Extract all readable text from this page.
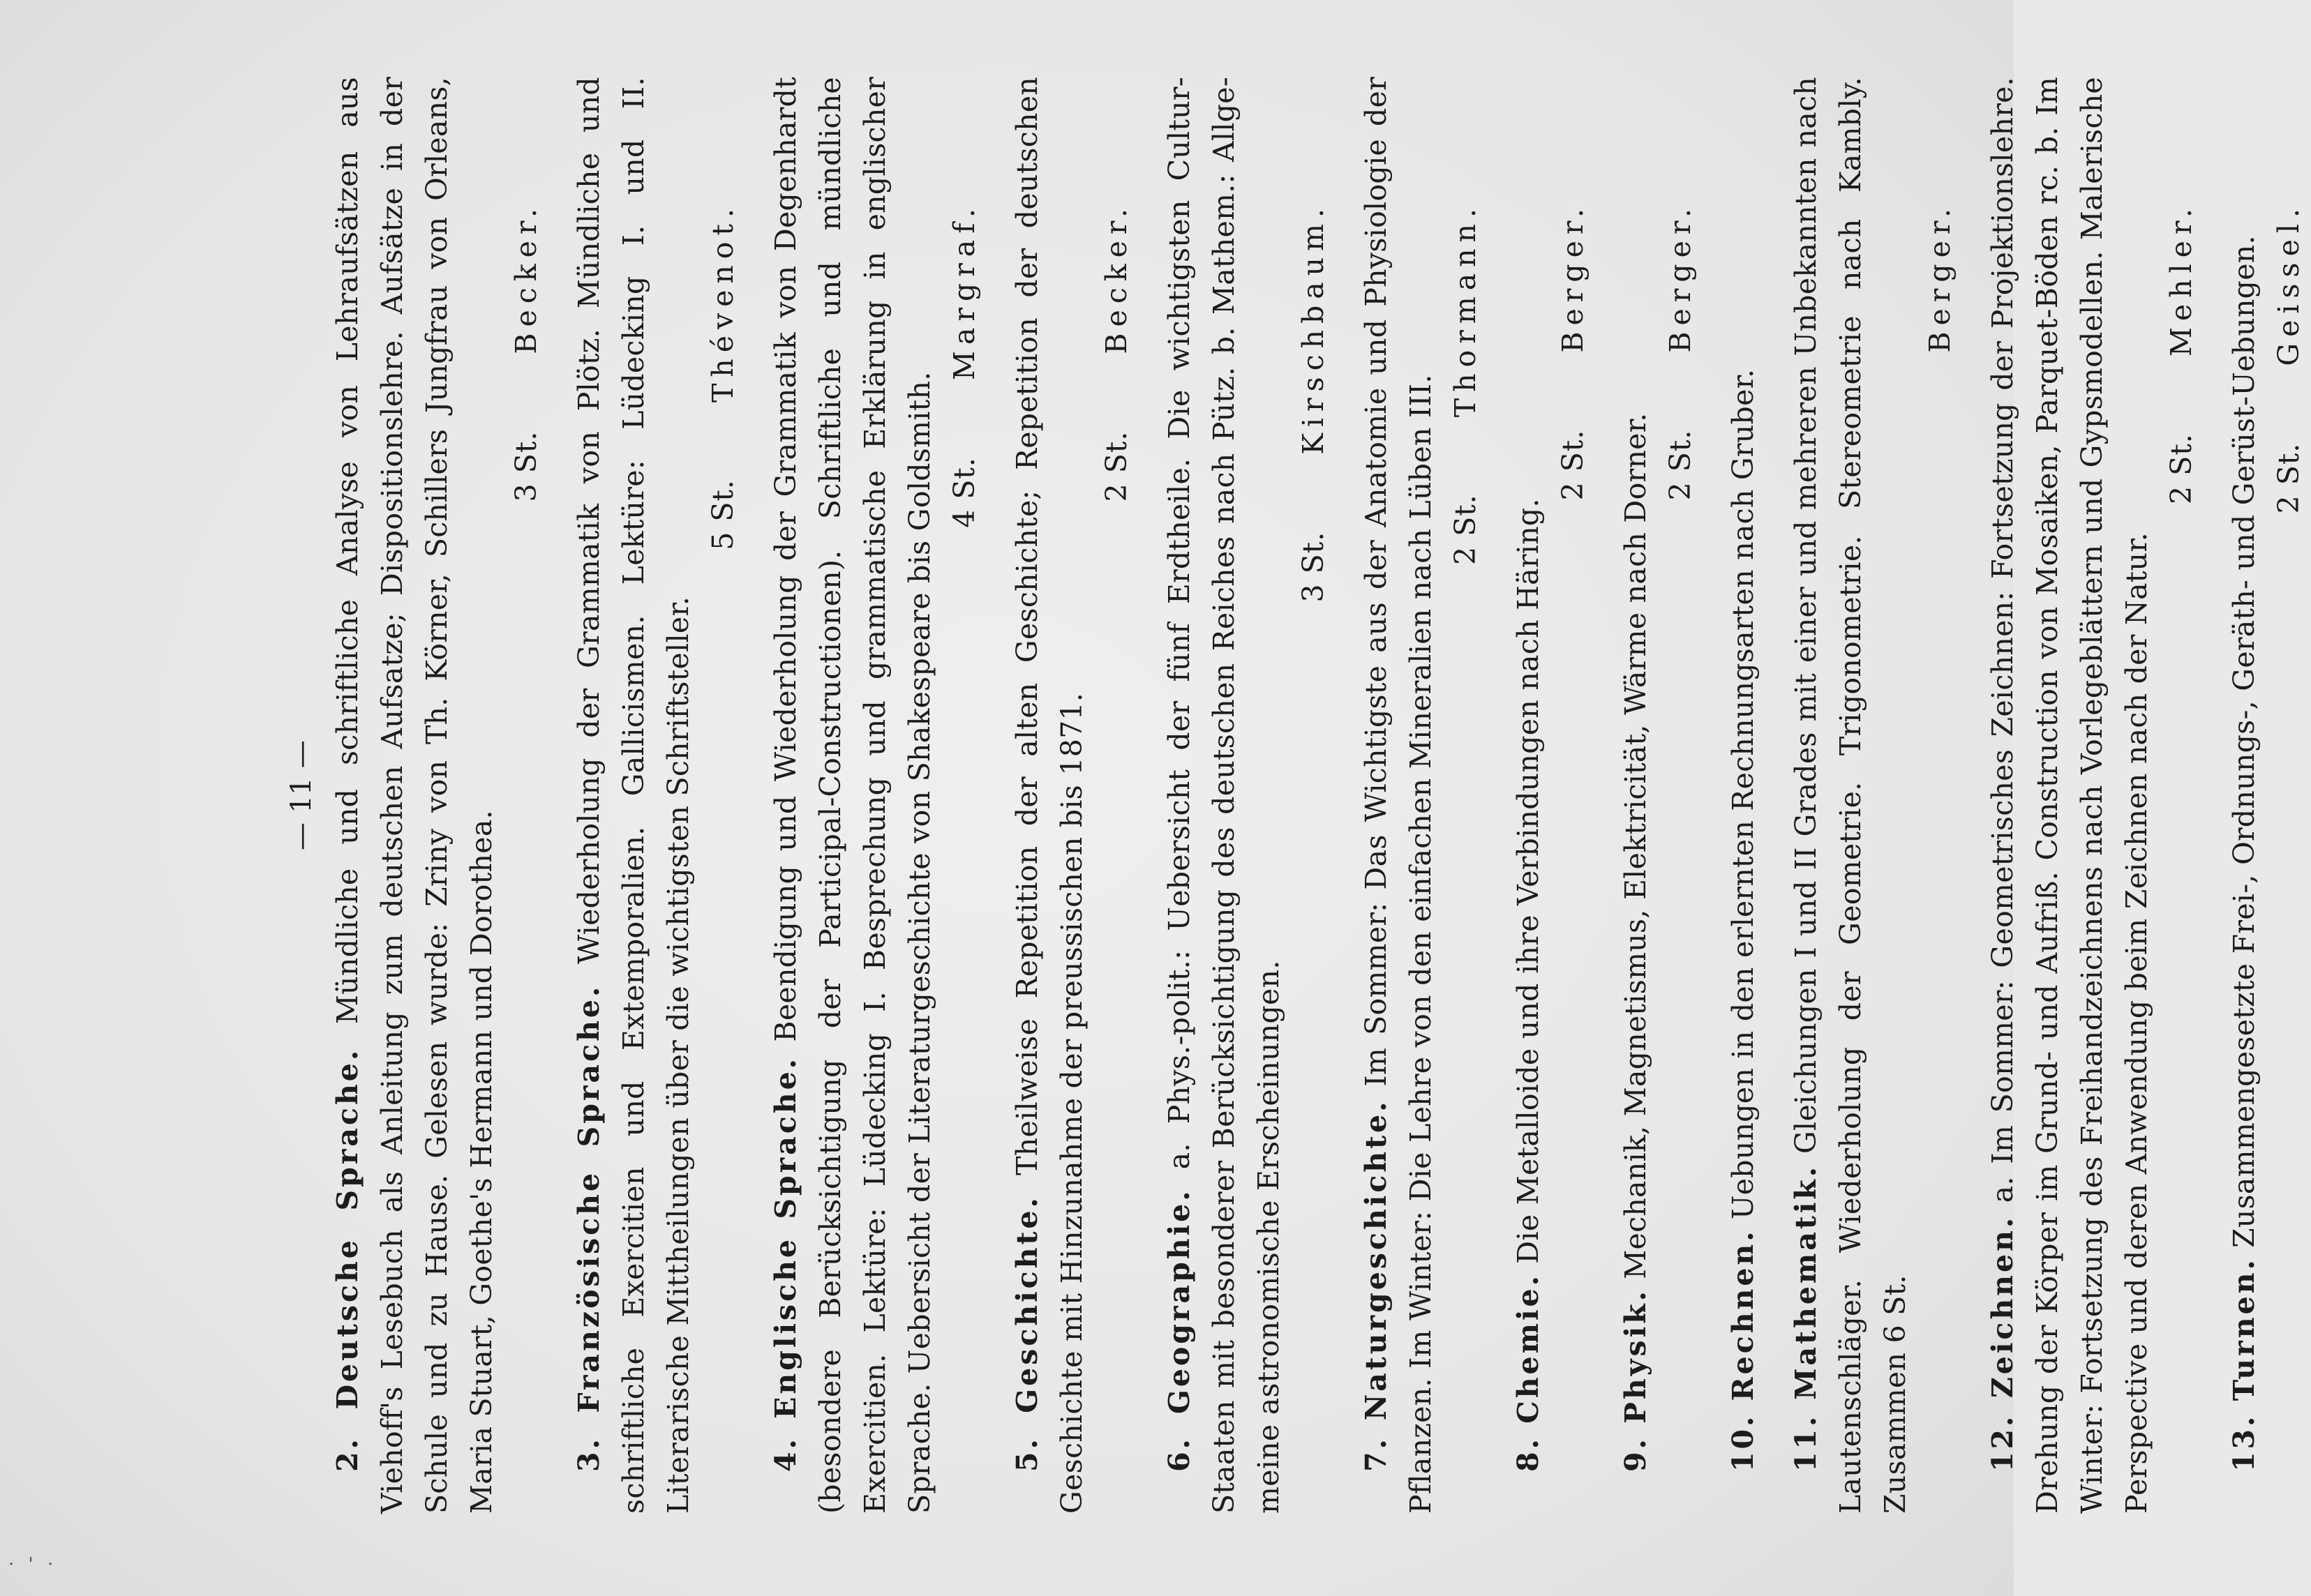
— 11 —

2. Deutsche Sprache. Mündliche und schriftliche Analyse von Lehraufsätzen aus Viehoff's Lesebuch als Anleitung zum deutschen Aufsatze; Dispositionslehre. Aufsätze in der Schule und zu Hause. Gelesen wurde: Zriny von Th. Körner, Schillers Jungfrau von Orleans, Maria Stuart, Goethe's Hermann und Dorothea.

3 St.
Becker.

3. Französische Sprache. Wiederholung der Grammatik von Plötz. Mündliche und schriftliche Exercitien und Extemporalien. Gallicismen. Lektüre: Lüdecking I. und II. Literarische Mittheilungen über die wichtigsten Schriftsteller.

5 St.
Thévenot.

4. Englische Sprache. Beendigung und Wiederholung der Grammatik von Degenhardt (besondere Berücksichtigung der Participal-Constructionen). Schriftliche und mündliche Exercitien. Lektüre: Lüdecking I. Besprechung und grammatische Erklärung in englischer Sprache. Uebersicht der Literaturgeschichte von Shakespeare bis Goldsmith. 4 St.
Margraf.

5. Geschichte. Theilweise Repetition der alten Geschichte; Repetition der deutschen Geschichte mit Hinzunahme der preussischen bis 1871.

2 St.
Becker.

6. Geographie. a. Phys.-polit.: Uebersicht der fünf Erdtheile. Die wichtigsten Cultur- Staaten mit besonderer Berücksichtigung des deutschen Reiches nach Pütz. b. Mathem.: Allge- meine astronomische Erscheinungen.

3 St.
Kirschbaum.

7. Naturgeschichte. Im Sommer: Das Wichtigste aus der Anatomie und Physiologie der Pflanzen. Im Winter: Die Lehre von den einfachen Mineralien nach Lüben III. 2 St.
Thormann.

8. Chemie. Die Metalloide und ihre Verbindungen nach Häring.

2 St.
Berger.

9. Physik. Mechanik, Magnetismus, Elektricität, Wärme nach Dorner. 2 St.
Berger.

10. Rechnen. Uebungen in den erlernten Rechnungsarten nach Gruber.

11. Mathematik. Gleichungen I und II Grades mit einer und mehreren Unbekannten nach Lautenschläger. Wiederholung der Geometrie. Trigonometrie. Stereometrie nach Kambly. Zusammen 6 St.

Berger.

12. Zeichnen. a. Im Sommer: Geometrisches Zeichnen: Fortsetzung der Projektionslehre. Drehung der Körper im Grund- und Aufriß. Construction von Mosaiken, Parquet-Böden rc. b. Im Winter: Fortsetzung des Freihandzeichnens nach Vorlegeblättern und Gypsmodellen. Malerische Perspective und deren Anwendung beim Zeichnen nach der Natur.

2 St.
Mehler.

13. Turnen. Zusammengesetzte Frei-, Ordnungs-, Geräth- und Gerüst-Uebungen. 2 St.
Geissel.
· ' ·
